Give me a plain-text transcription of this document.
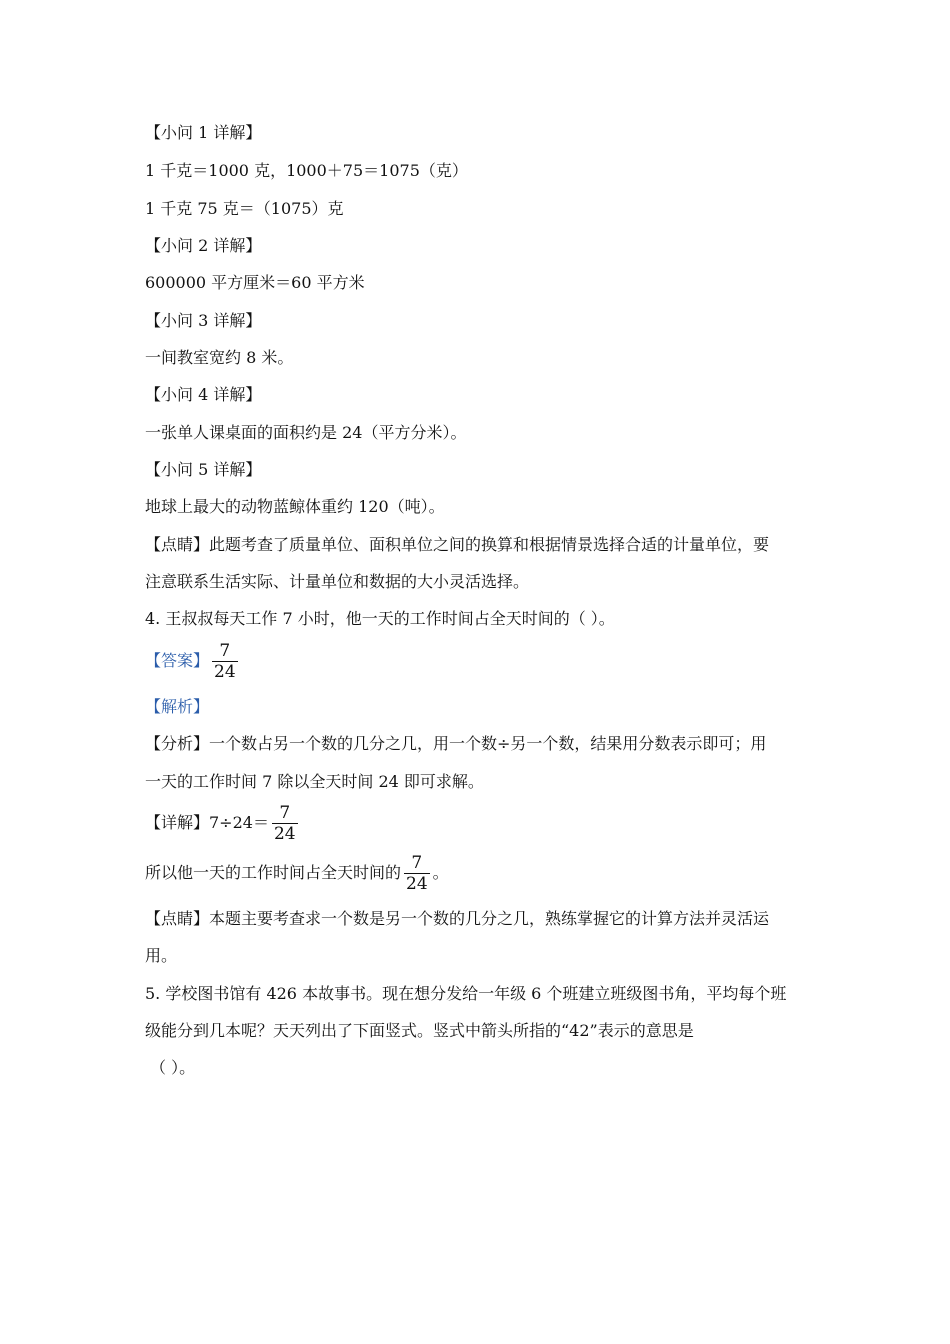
【小问 1 详解】
1 千克＝1000 克，1000＋75＝1075（克）
1 千克 75 克＝（1075）克
【小问 2 详解】
600000 平方厘米＝60 平方米
【小问 3 详解】
一间教室宽约 8 米。
【小问 4 详解】
一张单人课桌面的面积约是 24（平方分米）。
【小问 5 详解】
地球上最大的动物蓝鲸体重约 120（吨）。
【点睛】此题考查了质量单位、面积单位之间的换算和根据情景选择合适的计量单位，要
注意联系生活实际、计量单位和数据的大小灵活选择。
4. 王叔叔每天工作 7 小时，他一天的工作时间占全天时间的（ ）。
【答案】 $\frac{7}{24}$
【解析】
【分析】一个数占另一个数的几分之几，用一个数÷另一个数，结果用分数表示即可；用
一天的工作时间 7 除以全天时间 24 即可求解。
【详解】$7\div 24= \frac{7}{24}$
所以他一天的工作时间占全天时间的 $\frac{7}{24}$ 。
【点睛】本题主要考查求一个数是另一个数的几分之几，熟练掌握它的计算方法并灵活运
用。
5. 学校图书馆有 426 本故事书。现在想分发给一年级 6 个班建立班级图书角，平均每个班
级能分到几本呢？天天列出了下面竖式。竖式中箭头所指的“42”表示的意思是
（ ）。
